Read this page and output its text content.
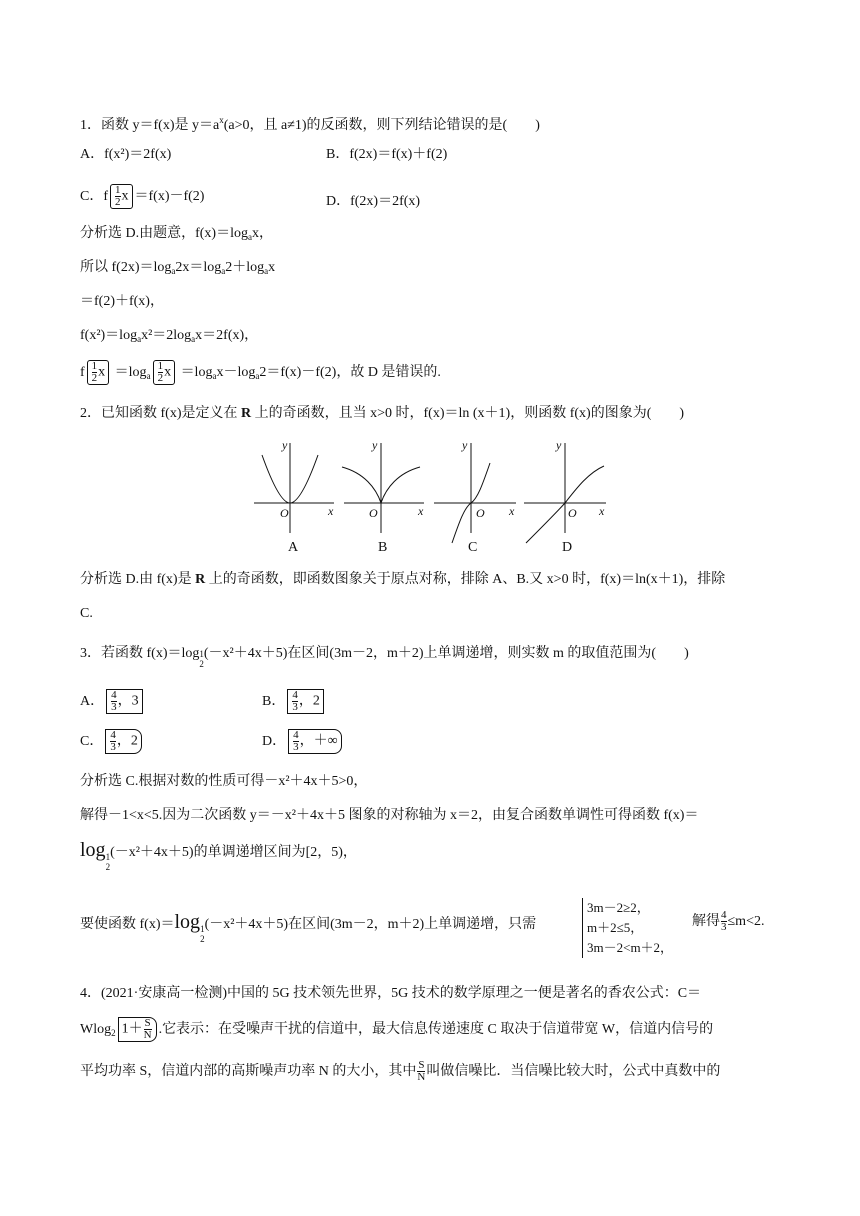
1．函数 y＝f(x)是 $y=a^x(a>0$，且 a≠1)的反函数，则下列结论错误的是(　　)
A．f(x²)＝2f(x)	B．f(2x)＝f(x)＋f(2)
C．f $\frac{1}{2}$ x ＝f(x)－f(2)	D．f(2x)＝2f(x)
分析选 D.由题意，$f(x)=\log_ax$，
所以 $f(2x)=\log_a2x=\log_a2+\log_ax$
＝f(2)＋f(x)，
$f(x^2)=\log_ax^2=2\log_ax=2f(x)$，
f $\frac{1}{2}$ $x =\log_a \frac{1}{2}$ $x =\log_ax-\log_a2=f(x)-f(2)$，故 D 是错误的.
2．已知函数 f(x)是定义在 R 上的奇函数，且当 x>0 时，f(x)＝ln (x＋1)，则函数 f(x)的图象为(　　)
y
x
O
y
x
O
y
x
O
y
x
O
A	B	C	D
分析选 D.由 f(x)是 R 上的奇函数，即函数图象关于原点对称，排除 A、B.又 x>0 时，f(x)＝ln(x＋1)，排除
C.
3．若函数 f(x)＝log 1
2
(－x²＋4x＋5)在区间(3m－2，m＋2)上单调递增，则实数 m 的取值范围为(　　)
A． $\frac{4}{3}$ ，3	B． $\frac{4}{3}$ ，2
C． $\frac{4}{3}$ ，2	D． $\frac{4}{3}$ ，＋∞
分析选 C.根据对数的性质可得－x²＋4x＋5>0，
解得－1<x<5.因为二次函数 y＝－x²＋4x＋5 图象的对称轴为 x＝2，由复合函数单调性可得函数 f(x)＝
log 1
2
(－x²＋4x＋5)的单调递增区间为[2，5)，
要使函数 f(x)＝log 1
2
(－x²＋4x＋5)在区间(3m－2，m＋2)上单调递增，只需
3m－2≥2，
m＋2≤5，
3m－2<m＋2，
解得 $\frac{4}{3} \le m<2$.
4．(2021·安康高一检测)中国的 5G 技术领先世界，5G 技术的数学原理之一便是著名的香农公式：C＝
Wlog$_2$ $1+ \frac{S}{N}$ .它表示：在受噪声干扰的信道中，最大信息传递速度 C 取决于信道带宽 W，信道内信号的
平均功率 S，信道内部的高斯噪声功率 N 的大小，其中 $\frac{S}{N}$ 叫做信噪比．当信噪比较大时，公式中真数中的
